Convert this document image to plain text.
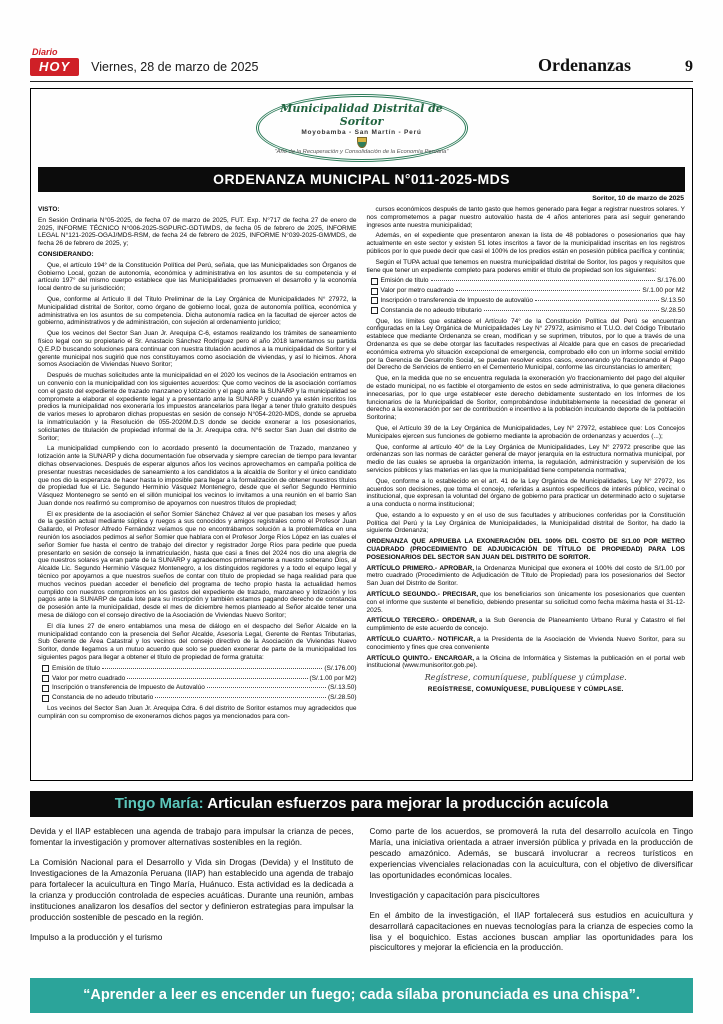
Diario
HOY	Viernes, 28 de marzo de 2025	Ordenanzas	9
Municipalidad Distrital de Soritor
Moyobamba - San Martín - Perú
“Año de la Recuperación y Consolidación de la Economía Peruana”
ORDENANZA MUNICIPAL N°011-2025-MDS
Soritor, 10 de marzo de 2025

VISTO:

En Sesión Ordinaria N°05-2025, de fecha 07 de marzo de 2025, FUT. Exp. N°717 de fecha 27 de enero de 2025, INFORME TÉCNICO N°006-2025-SGPURC-GDTI/MDS, de fecha 05 de febrero de 2025, INFORME LEGAL N°121-2025-OGAJ/MDS-RSM, de fecha 24 de febrero de 2025, INFORME N°039-2025-GM/MDS, de fecha 26 de febrero de 2025, y;

CONSIDERANDO:

Que, el artículo 194° de la Constitución Política del Perú, señala, que las Municipalidades son Órganos de Gobierno Local, gozan de autonomía, económica y administrativa en los asuntos de su competencia y el artículo 197° del mismo cuerpo establece que las Municipalidades promueven el desarrollo y la economía local dentro de su jurisdicción;

Que, conforme al Artículo II del Título Preliminar de la Ley Orgánica de Municipalidades N° 27972, la Municipalidad distrital de Soritor, como órgano de gobierno local, goza de autonomía política, económica y administrativa en los asuntos de su competencia. Dicha autonomía radica en la facultad de ejercer actos de gobierno, administrativos y de administración, con sujeción al ordenamiento jurídico;

Que los vecinos del Sector San Juan Jr. Arequipa C-6, estamos realizando los trámites de saneamiento físico legal con su propietario el Sr. Anastacio Sánchez Rodríguez pero el año 2018 lamentamos su partida Q.E.P.D buscando soluciones para continuar con nuestra titulación acudimos a la municipalidad de Soritor y el gerente municipal nos sugirió que nos constituyamos como asociación de viviendas, y así lo hicimos. Ahora somos Asociación de Viviendas Nuevo Soritor;

Después de muchas solicitudes ante la municipalidad en el 2020 los vecinos de la Asociación entramos en un convenio con la municipalidad con los siguientes acuerdos: Que como vecinos de la asociación corríamos con el gasto del expediente de trazado manzaneo y lotización y el pago ante la SUNARP y la municipalidad se compromete a elaborar el expediente legal y a presentarlo ante la SUNARP y cuando ya estén inscritos los predios la municipalidad nos exoneraría los impuestos arancelarios para llegar a tener título gratuito después de varios meses lo aprobaron dichas propuestas en sesión de consejo N°054-2020-MDS, donde se aprueba la inmatriculación y la Resolución de 055-2020M.D.S donde se decide exonerar a los posesionarios, solicitantes de titulación de propiedad informal de la Jr. Arequipa cdra. N°6 sector San Juan del distrito de Soritor;

La municipalidad cumpliendo con lo acordado presentó la documentación de Trazado, manzaneo y lotización ante la SUNARP y dicha documentación fue observada y siempre carecían de tiempo para levantar dichas observaciones. Después de esperar algunos años los vecinos aprovechamos en campaña política de presentar nuestras necesidades de saneamiento a los candidatos a la alcaldía de Soritor y el único candidato que nos dio la esperanza de hacer hasta lo imposible para llegar a la formalización de obtener nuestros títulos de propiedad fue el Lic. Segundo Herminio Vásquez Montenegro, desde que el señor Segundo Herminio Vásquez Montenegro se sentó en el sillón municipal los vecinos lo invitamos a una reunión en el barrio San Juan donde nos reafirmó su compromiso de apoyarnos con nuestros títulos de propiedad;

El ex presidente de la asociación el señor Somier Sánchez Chávez al ver que pasaban los meses y años de la gestión actual mediante súplica y ruegos a sus conocidos y amigos registrales como el Profesor Juan Gallardo, el Profesor Alfredo Fernández veíamos que no encontrábamos solución a la problemática en una reunión los asociados pedimos al señor Somier que hablara con el Profesor Jorge Ríos López en las cuales el señor Somier fue hasta el centro de trabajo del director y registrador Jorge Ríos para pedirle que pueda presentarlo en sesión de consejo la inmatriculación, hasta que casi a fines del 2024 nos dio una alegría de que nuestros solares ya eran parte de la SUNARP y agradecemos primeramente a nuestro soberano Dios, al Alcalde Lic. Segundo Herminio Vásquez Montenegro, a los distinguidos regidores y a todo el equipo legal y técnico por apoyarnos a que nuestros sueños de contar con título de propiedad se haga realidad para que muchos vecinos puedan acceder el beneficio del programa de techo propio hasta la actualidad hemos cumplido con nuestros compromisos en los gastos del expediente de trazado, manzaneo y lotización y los pagos ante la SUNARP de cada lote para su inscripción y también estamos pagando derecho de constancia de posesión ante la municipalidad, desde el mes de diciembre hemos planteado al Señor alcalde tener una mesa de diálogo con el consejo directivo de la Asociación de Viviendas Nuevo Soritor;

El día lunes 27 de enero entablamos una mesa de diálogo en el despacho del Señor Alcalde en la municipalidad contando con la presencia del Señor Alcalde, Asesoría Legal, Gerente de Rentas Tributarias, Sub Gerente de Área Catastral y los vecinos del consejo directivo de la Asociación de Viviendas Nuevo Soritor, donde llegamos a un mutuo acuerdo que solo se pueden exonerar de parte de la municipalidad los siguientes pagos para llegar a obtener el título de propiedad de forma gratuita:

Emisión de título	(S/.176.00)
Valor por metro cuadrado	(S/.1.00 por M2)
Inscripción o transferencia de Impuesto de Autovalúo	(S/.13.50)
Constancia de no adeudo tributario	(S/.28.50)

Los vecinos del Sector San Juan Jr. Arequipa Cdra. 6 del distrito de Soritor estamos muy agradecidos que cumplirán con su compromiso de exonerarnos dichos pagos ya mencionados para con-

cursos económicos después de tanto gasto que hemos generado para llegar a registrar nuestros solares. Y nos comprometemos a pagar nuestro autovalúo hasta de 4 años anteriores para así seguir generando ingresos ante nuestra municipalidad;

Además, en el expediente que presentaron anexan la lista de 48 pobladores o posesionarios que hay actualmente en este sector y existen 51 lotes inscritos a favor de la municipalidad inscritas en los registros públicos por lo que puede decir que casi el 100% de los predios están en posesión pública pacífica y continúa;

Según el TUPA actual que tenemos en nuestra municipalidad distrital de Soritor, los pagos y requisitos que tiene que tener un expediente completo para poderes emitir el título de propiedad son los siguientes:

Emisión de título	S/.176.00
Valor por metro cuadrado	S/.1.00 por M2
Inscripción o transferencia de Impuesto de autovalúo	S/.13.50
Constancia de no adeudo tributario	S/.28.50

Que, los límites que establece el Artículo 74° de la Constitución Política del Perú se encuentran configuradas en la Ley Orgánica de Municipalidades Ley N° 27972, asimismo el T.U.O. del Código Tributario establece que mediante Ordenanza se crean, modifican y se suprimen, tributos, por lo que a través de una Ordenanza es que se debe otorgar las facultades respectivas al Alcalde para que en casos de precariedad económica extrema y/o situación excepcional de emergencia, comprobado ello con un informe social emitido por la Gerencia de Desarrollo Social, se puedan resolver estos casos, exonerando y/o fraccionando el Pago del Derecho de Servicios de entierro en el Cementerio Municipal, conforme las circunstancias lo ameriten;

Que, en la medida que no se encuentra regulada la exoneración y/o fraccionamiento del pago del alquiler de estado municipal, no es factible el otorgamiento de estos en sede administrativa, lo que genera dilaciones innecesarias, por lo que urge establecer este derecho debidamente sustentado en los Informes de los funcionarios de la Municipalidad de Soritor, comprobándose indubitablemente la necesidad de generar el derecho a la exoneración por ser de contribución e incentivo a la población inculcando deporte de la población Soritorina;

Que, el Artículo 39 de la Ley Orgánica de Municipalidades, Ley N° 27972, establece que: Los Concejos Municipales ejercen sus funciones de gobierno mediante la aprobación de ordenanzas y acuerdos (...);

Que, conforme al artículo 40° de la Ley Orgánica de Municipalidades, Ley N° 27972 prescribe que las ordenanzas son las normas de carácter general de mayor jerarquía en la estructura normativa municipal, por medio de las cuales se aprueba la organización interna, la regulación, administración y supervisión de los servicios públicos y las materias en las que la municipalidad tiene competencia normativa;

Que, conforme a lo establecido en el art. 41 de la Ley Orgánica de Municipalidades, Ley N° 27972, los acuerdos son decisiones, que toma el concejo, referidas a asuntos específicos de interés público, vecinal o institucional, que expresan la voluntad del órgano de gobierno para practicar un determinado acto o sujetarse a una conducta o norma institucional;

Que, estando a lo expuesto y en el uso de sus facultades y atribuciones conferidas por la Constitución Política del Perú y la Ley Orgánica de Municipalidades, la Municipalidad distrital de Soritor, ha dado la siguiente Ordenanza;

ORDENANZA QUE APRUEBA LA EXONERACIÓN DEL 100% DEL COSTO DE S/1.00 POR METRO CUADRADO (PROCEDIMIENTO DE ADJUDICACIÓN DE TÍTULO DE PROPIEDAD) PARA LOS POSESIONARIOS DEL SECTOR SAN JUAN DEL DISTRITO DE SORITOR.

ARTÍCULO PRIMERO.- APROBAR, la Ordenanza Municipal que exonera el 100% del costo de S/1.00 por metro cuadrado (Procedimiento de Adjudicación de Título de Propiedad) para los posesionarios del Sector San Juan del Distrito de Soritor.

ARTÍCULO SEGUNDO.- PRECISAR, que los beneficiarios son únicamente los posesionarios que cuenten con el informe que sustente el beneficio, debiendo presentar su solicitud como fecha máxima hasta el 31-12-2025.

ARTÍCULO TERCERO.- ORDENAR, a la Sub Gerencia de Planeamiento Urbano Rural y Catastro el fiel cumplimiento de este acuerdo de concejo.

ARTÍCULO CUARTO.- NOTIFICAR, a la Presidenta de la Asociación de Vivienda Nuevo Soritor, para su conocimiento y fines que crea conveniente

ARTÍCULO QUINTO.- ENCARGAR, a la Oficina de Informática y Sistemas la publicación en el portal web institucional (www.munisoritor.gob.pe).

Regístrese, comuníquese, publíquese y cúmplase.

REGÍSTRESE, COMUNÍQUESE, PUBLÍQUESE Y CÚMPLASE.

Tingo María: Articulan esfuerzos para mejorar la producción acuícola

Devida y el IIAP establecen una agenda de trabajo para impulsar la crianza de peces, fomentar la investigación y promover alternativas sostenibles en la región.

La Comisión Nacional para el Desarrollo y Vida sin Drogas (Devida) y el Instituto de Investigaciones de la Amazonía Peruana (IIAP) han establecido una agenda de trabajo para fortalecer la acuicultura en Tingo María, Huánuco. Esta actividad es la dedicada a la crianza y producción controlada de especies acuáticas. Durante una reunión, ambas instituciones analizaron los desafíos del sector y definieron estrategias para impulsar la producción sostenible de pescado en la región.

Impulso a la producción y el turismo

Como parte de los acuerdos, se promoverá la ruta del desarrollo acuícola en Tingo María, una iniciativa orientada a atraer inversión pública y privada en la producción de pescado amazónico. Además, se buscará involucrar a recreos turísticos en experiencias vivenciales relacionadas con la acuicultura, con el objetivo de diversificar las oportunidades económicas locales.

Investigación y capacitación para piscicultores

En el ámbito de la investigación, el IIAP fortalecerá sus estudios en acuicultura y desarrollará capacitaciones en nuevas tecnologías para la crianza de especies como la lisa y el boquichico. Estas acciones buscan ampliar las oportunidades para los piscicultores y mejorar la eficiencia en la producción.

“Aprender a leer es encender un fuego; cada sílaba pronunciada es una chispa”.
